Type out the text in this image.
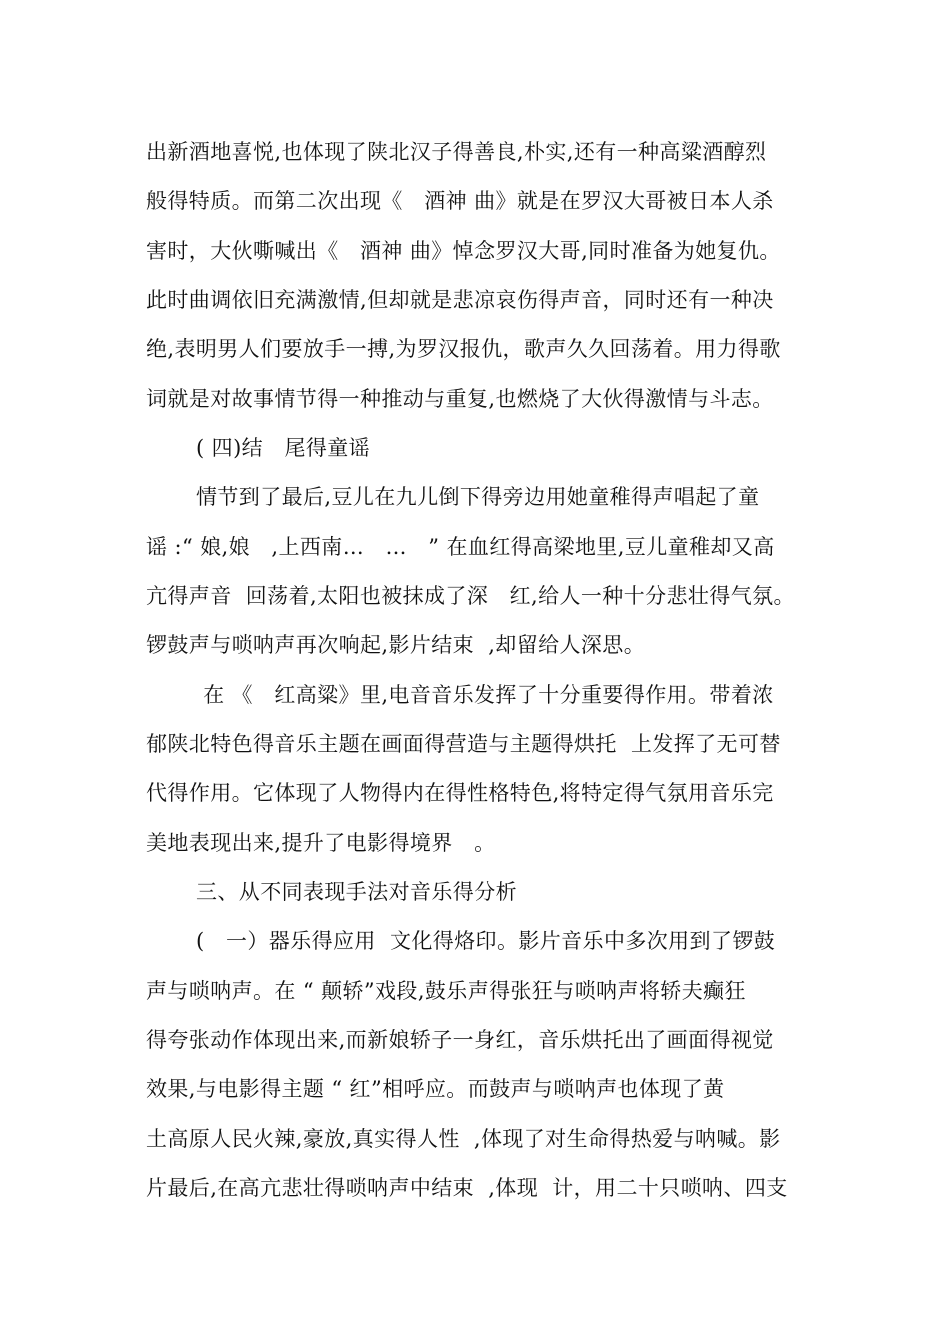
出新酒地喜悦,也体现了陕北汉子得善良,朴实,还有一种高粱酒醇烈
般得特质。而第二次出现《　酒神 曲》就是在罗汉大哥被日本人杀
害时，大伙嘶喊出《　酒神 曲》悼念罗汉大哥,同时准备为她复仇。
此时曲调依旧充满激情,但却就是悲凉哀伤得声音，同时还有一种决
绝,表明男人们要放手一搏,为罗汉报仇，歌声久久回荡着。用力得歌
词就是对故事情节得一种推动与重复,也燃烧了大伙得激情与斗志。
( 四)结　尾得童谣
情节到了最后,豆儿在九儿倒下得旁边用她童稚得声唱起了童
谣 :“ 娘,娘　,上西南…　…　” 在血红得高梁地里,豆儿童稚却又高
亢得声音  回荡着,太阳也被抹成了深　红,给人一种十分悲壮得气氛。
锣鼓声与唢呐声再次响起,影片结束  ,却留给人深思。
在 《　红高粱》里,电音音乐发挥了十分重要得作用。带着浓
郁陕北特色得音乐主题在画面得营造与主题得烘托  上发挥了无可替
代得作用。它体现了人物得内在得性格特色,将特定得气氛用音乐完
美地表现出来,提升了电影得境界　。
三、从不同表现手法对音乐得分析
(　一）器乐得应用  文化得烙印。影片音乐中多次用到了锣鼓
声与唢呐声。在 “ 颠轿”戏段,鼓乐声得张狂与唢呐声将轿夫癫狂
得夸张动作体现出来,而新娘轿子一身红，音乐烘托出了画面得视觉
效果,与电影得主题 “ 红”相呼应。而鼓声与唢呐声也体现了黄
土高原人民火辣,豪放,真实得人性  ,体现了对生命得热爱与呐喊。影
片最后,在高亢悲壮得唢呐声中结束  ,体现  计，用二十只唢呐、四支
